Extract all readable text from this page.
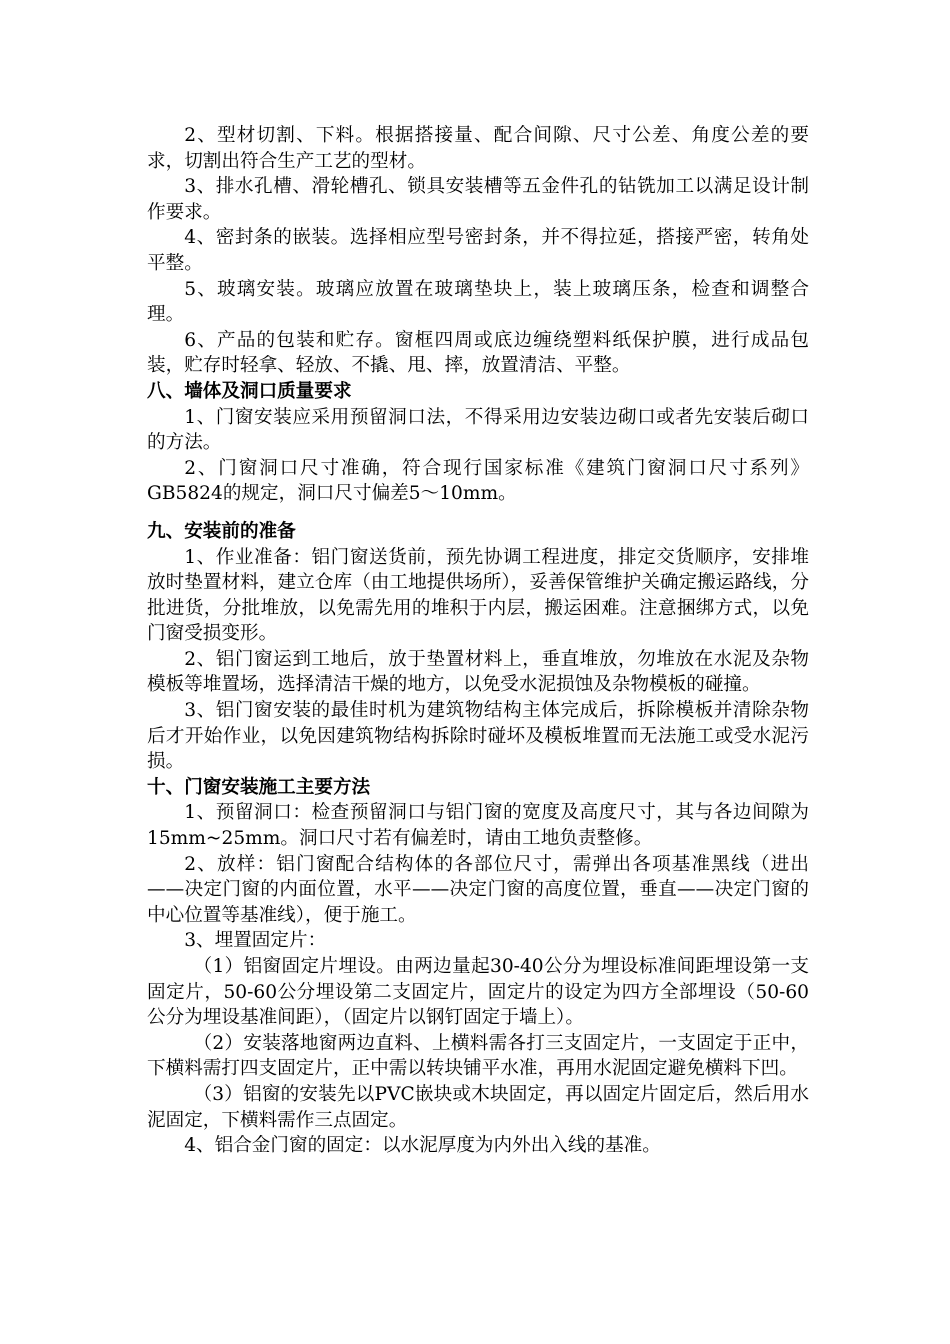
2、型材切割、下料。根据搭接量、配合间隙、尺寸公差、角度公差的要求，切割出符合生产工艺的型材。

3、排水孔槽、滑轮槽孔、锁具安装槽等五金件孔的钻铣加工以满足设计制作要求。

4、密封条的嵌装。选择相应型号密封条，并不得拉延，搭接严密，转角处平整。

5、玻璃安装。玻璃应放置在玻璃垫块上，装上玻璃压条，检查和调整合理。

6、产品的包装和贮存。窗框四周或底边缠绕塑料纸保护膜，进行成品包装，贮存时轻拿、轻放、不撬、甩、摔，放置清洁、平整。

八、墙体及洞口质量要求

1、门窗安装应采用预留洞口法，不得采用边安装边砌口或者先安装后砌口的方法。

2、门窗洞口尺寸准确，符合现行国家标准《建筑门窗洞口尺寸系列》GB5824的规定，洞口尺寸偏差5～10mm。

九、安装前的准备

1、作业准备：铝门窗送货前，预先协调工程进度，排定交货顺序，安排堆放时垫置材料，建立仓库（由工地提供场所），妥善保管维护关确定搬运路线，分批进货，分批堆放，以免需先用的堆积于内层，搬运困难。注意捆绑方式，以免门窗受损变形。

2、铝门窗运到工地后，放于垫置材料上，垂直堆放，勿堆放在水泥及杂物模板等堆置场，选择清洁干燥的地方，以免受水泥损蚀及杂物模板的碰撞。

3、铝门窗安装的最佳时机为建筑物结构主体完成后，拆除模板并清除杂物后才开始作业，以免因建筑物结构拆除时碰坏及模板堆置而无法施工或受水泥污损。

十、门窗安装施工主要方法

1、预留洞口：检查预留洞口与铝门窗的宽度及高度尺寸，其与各边间隙为15mm~25mm。洞口尺寸若有偏差时，请由工地负责整修。

2、放样：铝门窗配合结构体的各部位尺寸，需弹出各项基准黑线（进出——决定门窗的内面位置，水平——决定门窗的高度位置，垂直——决定门窗的中心位置等基准线），便于施工。

3、埋置固定片：

（1）铝窗固定片埋设。由两边量起30-40公分为埋设标准间距埋设第一支固定片，50-60公分埋设第二支固定片，固定片的设定为四方全部埋设（50-60公分为埋设基准间距），（固定片以钢钉固定于墙上）。

（2）安装落地窗两边直料、上横料需各打三支固定片，一支固定于正中，下横料需打四支固定片，正中需以转块铺平水准，再用水泥固定避免横料下凹。

（3）铝窗的安装先以PVC嵌块或木块固定，再以固定片固定后，然后用水泥固定，下横料需作三点固定。

4、铝合金门窗的固定：以水泥厚度为内外出入线的基准。
